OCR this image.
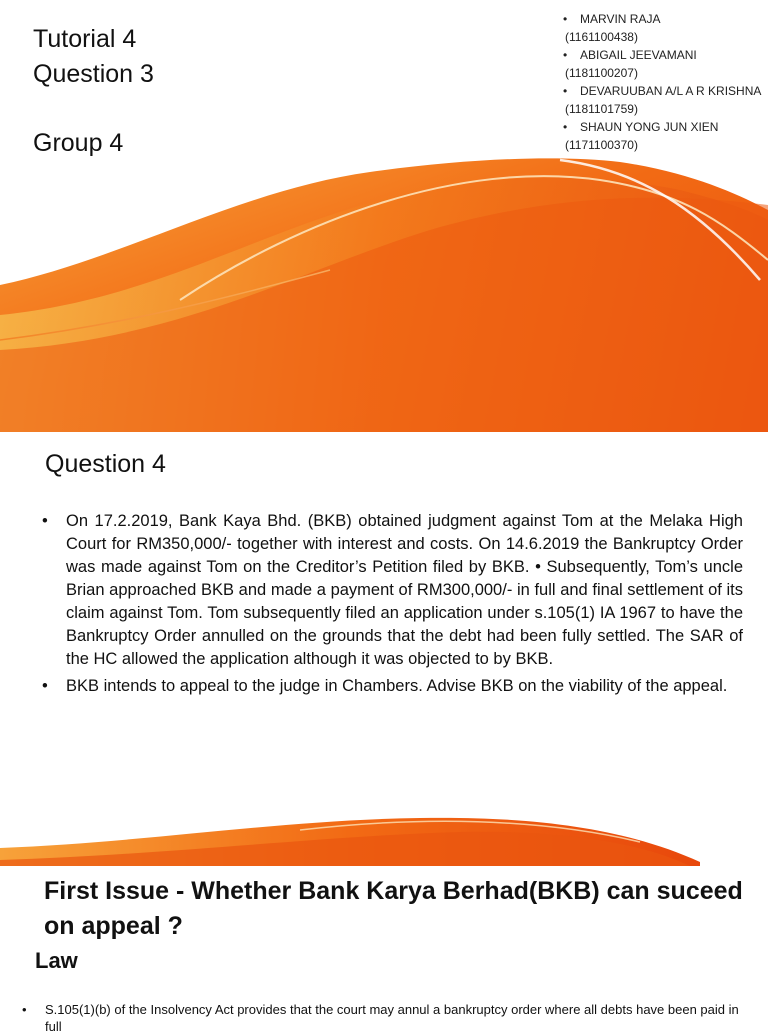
Tutorial 4
Question 3
Group 4
• MARVIN RAJA
(1161100438)
• ABIGAIL JEEVAMANI
(1181100207)
• DEVARUUBAN A/L A R KRISHNA
(1181101759)
• SHAUN YONG JUN XIEN
(1171100370)
Question 4
• On 17.2.2019, Bank Kaya Bhd. (BKB) obtained judgment against Tom at the Melaka High Court for RM350,000/- together with interest and costs. On 14.6.2019 the Bankruptcy Order was made against Tom on the Creditor’s Petition filed by BKB. • Subsequently, Tom’s uncle Brian approached BKB and made a payment of RM300,000/- in full and final settlement of its claim against Tom. Tom subsequently filed an application under s.105(1) IA 1967 to have the Bankruptcy Order annulled on the grounds that the debt had been fully settled. The SAR of the HC allowed the application although it was objected to by BKB.
• BKB intends to appeal to the judge in Chambers. Advise BKB on the viability of the appeal.
First Issue - Whether Bank Karya Berhad(BKB) can suceed on appeal ?
Law
•	S.105(1)(b) of the Insolvency Act provides that the court may annul a bankruptcy order where all debts have been paid in full
